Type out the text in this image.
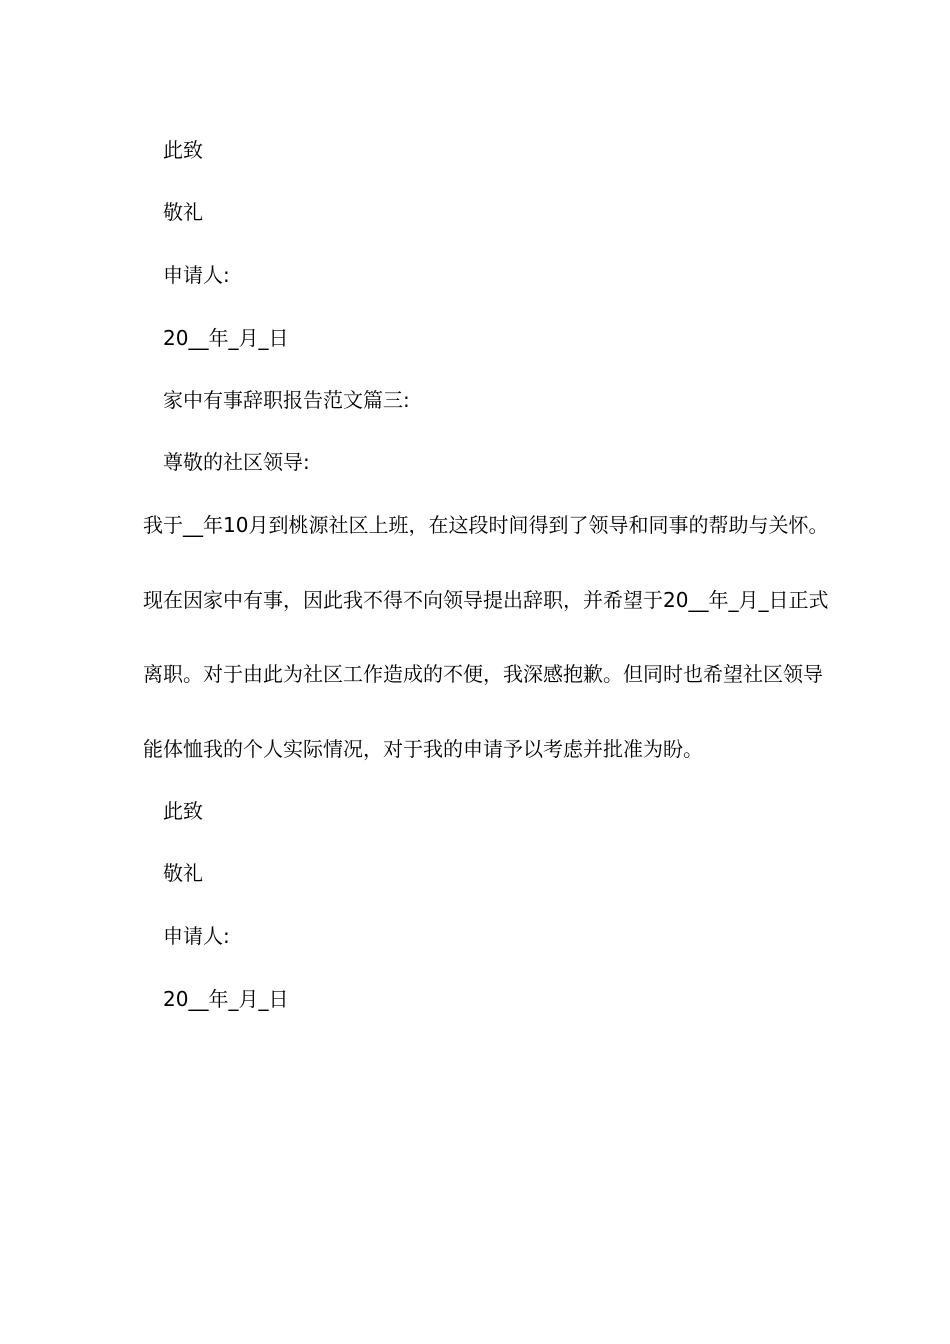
此致
敬礼
申请人:
20__年_月_日
家中有事辞职报告范文篇三:
尊敬的社区领导:
我于__年10月到桃源社区上班，在这段时间得到了领导和同事的帮助与关怀。
现在因家中有事，因此我不得不向领导提出辞职，并希望于20__年_月_日正式
离职。对于由此为社区工作造成的不便，我深感抱歉。但同时也希望社区领导
能体恤我的个人实际情况，对于我的申请予以考虑并批准为盼。
此致
敬礼
申请人:
20__年_月_日
